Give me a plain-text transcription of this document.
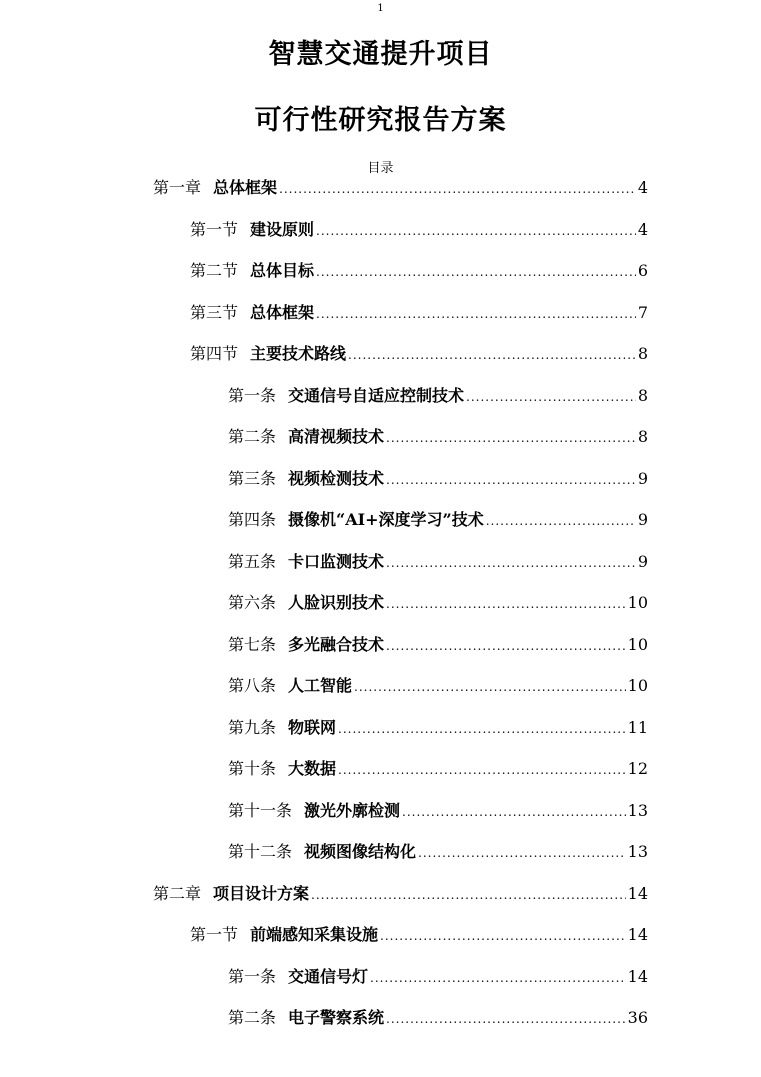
1
智慧交通提升项目
可行性研究报告方案
目录
第一章 总体框架 .....	4
第一节 建设原则 .....	4
第二节 总体目标 .....	6
第三节 总体框架 .....	7
第四节 主要技术路线 .....	8
第一条 交通信号自适应控制技术 .....	8
第二条 高清视频技术 .....	8
第三条 视频检测技术 .....	9
第四条 摄像机“AI+深度学习”技术 .....	9
第五条 卡口监测技术 .....	9
第六条 人脸识别技术 .....	10
第七条 多光融合技术 .....	10
第八条 人工智能 .....	10
第九条 物联网 .....	11
第十条 大数据 .....	12
第十一条 激光外廓检测 .....	13
第十二条 视频图像结构化 .....	13
第二章 项目设计方案 .....	14
第一节 前端感知采集设施 .....	14
第一条 交通信号灯 .....	14
第二条 电子警察系统 .....	36
